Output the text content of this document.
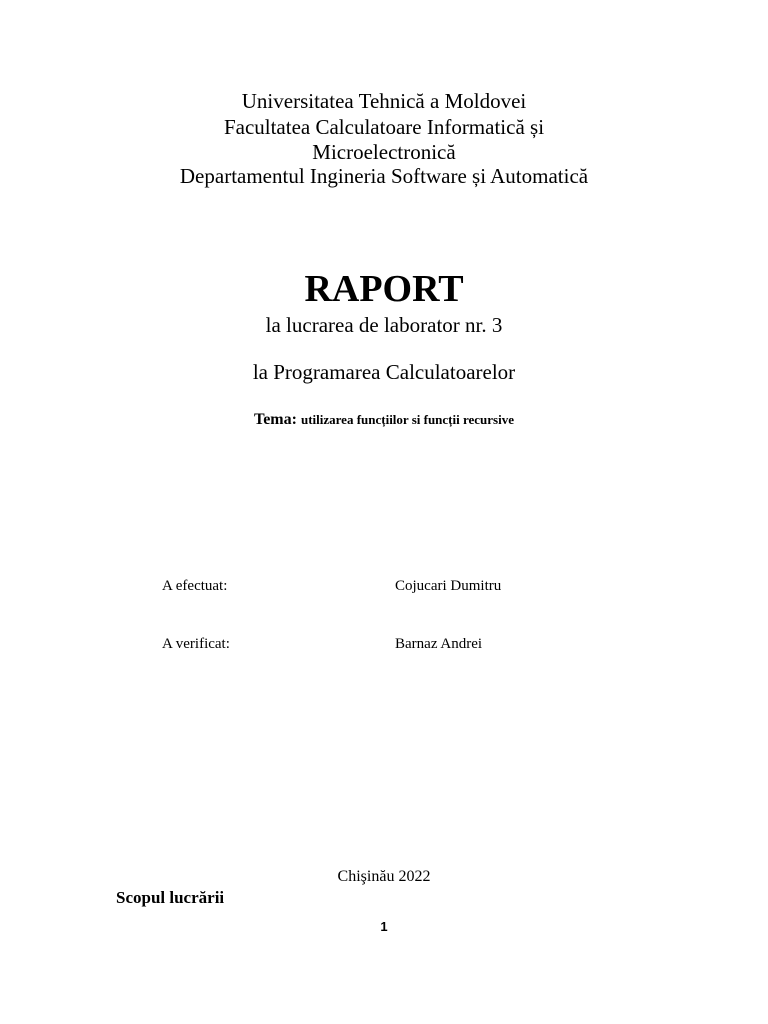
Universitatea Tehnică a Moldovei
Facultatea Calculatoare Informatică și
Microelectronică
Departamentul Ingineria Software și Automatică
RAPORT
la lucrarea de laborator nr. 3
la Programarea Calculatoarelor
Tema: utilizarea funcțiilor si funcții recursive
A efectuat:	Cojucari Dumitru
A verificat:	Barnaz Andrei
Chişinău 2022
Scopul lucrării
1
